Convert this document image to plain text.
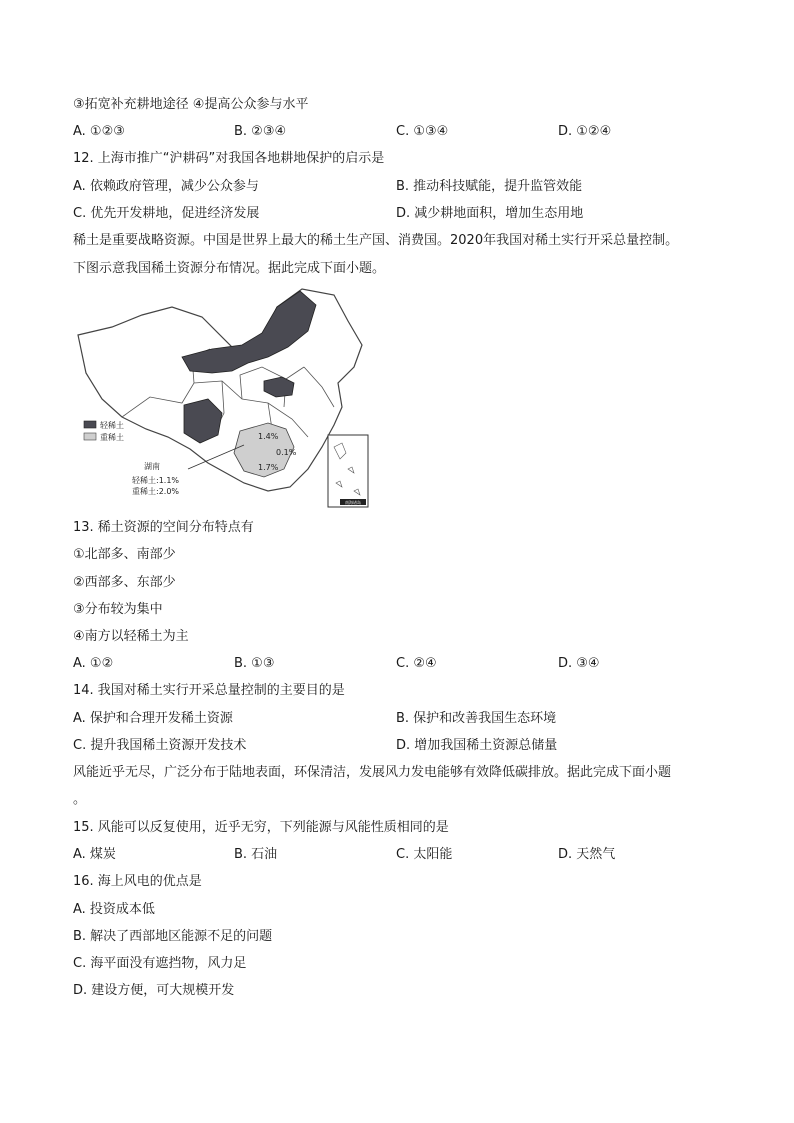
③拓宽补充耕地途径 ④提高公众参与水平
A. ①②③	B. ②③④	C. ①③④	D. ①②④
12. 上海市推广“沪耕码”对我国各地耕地保护的启示是
A. 依赖政府管理，减少公众参与	B. 推动科技赋能，提升监管效能
C. 优先开发耕地，促进经济发展	D. 减少耕地面积，增加生态用地
稀土是重要战略资源。中国是世界上最大的稀土生产国、消费国。2020年我国对稀土实行开采总量控制。
下图示意我国稀土资源分布情况。据此完成下面小题。
南海诸岛
轻稀土
重稀土
湖南
轻稀土:1.1%
重稀土:2.0%
1.4%
0.1%
1.7%
13. 稀土资源的空间分布特点有
①北部多、南部少
②西部多、东部少
③分布较为集中
④南方以轻稀土为主
A. ①②	B. ①③	C. ②④	D. ③④
14. 我国对稀土实行开采总量控制的主要目的是
A. 保护和合理开发稀土资源	B. 保护和改善我国生态环境
C. 提升我国稀土资源开发技术	D. 增加我国稀土资源总储量
风能近乎无尽，广泛分布于陆地表面，环保清洁，发展风力发电能够有效降低碳排放。据此完成下面小题
。
15. 风能可以反复使用，近乎无穷，下列能源与风能性质相同的是
A. 煤炭	B. 石油	C. 太阳能	D. 天然气
16. 海上风电的优点是
A. 投资成本低
B. 解决了西部地区能源不足的问题
C. 海平面没有遮挡物，风力足
D. 建设方便，可大规模开发
